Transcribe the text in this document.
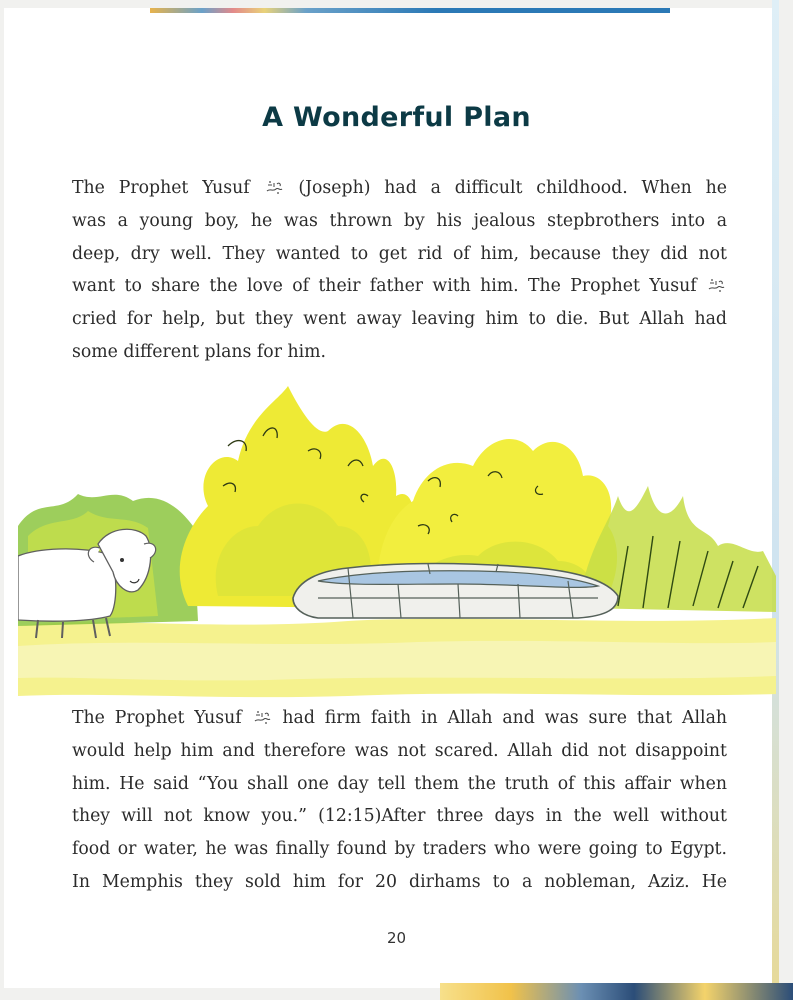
A Wonderful Plan
The Prophet Yusuf  (Joseph) had a difficult childhood. When he
was a young boy, he was thrown by his jealous stepbrothers into a
deep, dry well. They wanted to get rid of him, because they did not
want to share the love of their father with him. The Prophet Yusuf
cried for help, but they went away leaving him to die. But Allah had
some different plans for him.
The Prophet Yusuf  had firm faith in Allah and was sure that Allah
would help him and therefore was not scared. Allah did not disappoint
him. He said “You shall one day tell them the truth of this affair when
they will not know you.” (12:15)After three days in the well without
food or water, he was finally found by traders who were going to Egypt.
In Memphis they sold him for 20 dirhams to a nobleman, Aziz. He
20
